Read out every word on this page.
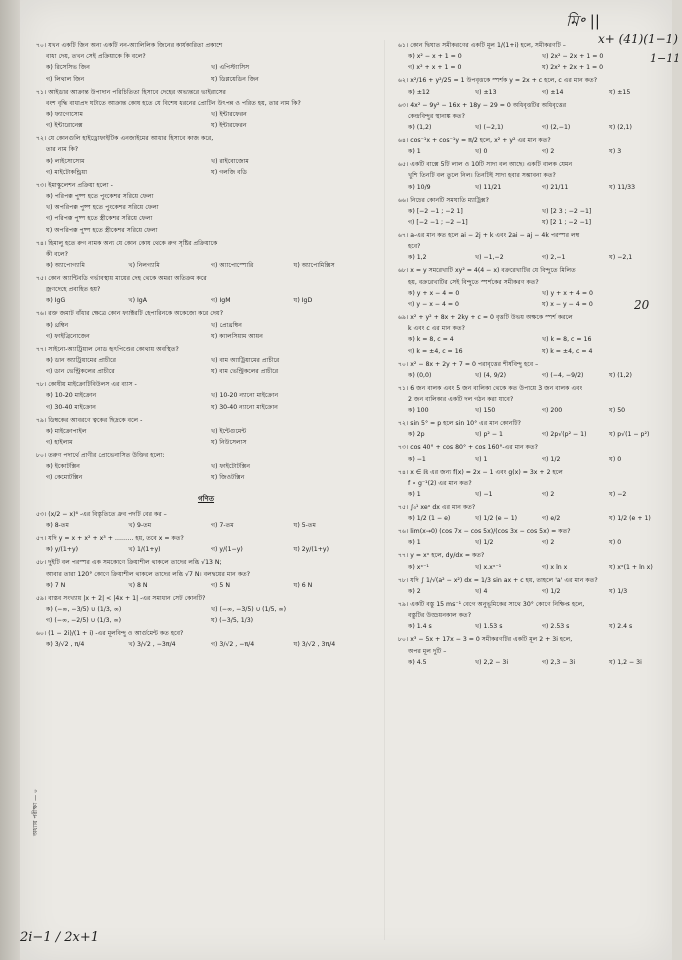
মি॰ ||
x+ (41)(1−1)
1−11
20
2i−1 / 2x+1
অধ্যায় পরীক্ষা — ০
৭০। যখন একটি জিন অন্য একটি নন-অ্যালিলিক জিনের কার্যকারিতা প্রকাশে
বাধা দেয়, তখন সেই প্রক্রিয়াকে কি বলে?
ক) রিসেসিভ জিন	খ) এপিস্ট্যাসিস
গ) লিথাল জিন	ঘ) ডিপ্লয়েডিন জিন
৭১। আইডার আক্রান্ত উপাদান পরিচিতিতা হিসাবে দেহের অভ্যন্তরে ভাইরাসের
বংশ বৃদ্ধি বাধাপ্রদ ঘটাতে আক্রান্ত কোষ হতে যে বিশেষ ধরনের প্রোটিন উৎপন্ন ও পরিত হয়, তার নাম কি?
ক) ফ্যাগোসোম	খ) ইন্টারফেরন
গ) ইন্টারোনেক্স	ঘ) ইন্টারফেরন
৭২। যে কোনগুলি হাইড্রোফাইটিক এনজাইমের আধার হিসাবে কাজ করে,
তার নাম কি?
ক) লাইসোসোম	খ) রাইবোজোম
গ) মাইটোকন্ড্রিয়া	ঘ) গলজি বডি
৭৩। ইমাস্কুলেশন প্রক্রিয়া হলো -
ক) পরিপক্ক পুষ্প হতে পুংকেশর সরিয়ে ফেলা
খ) অপরিপক্ক পুষ্প হতে পুংকেশর সরিয়ে ফেলা
গ) পরিপক্ক পুষ্প হতে স্ত্রীকেশর সরিয়ে ফেলা
ঘ) অপরিপক্ক পুষ্প হতে স্ত্রীকেশর সরিয়ে ফেলা
৭৪। হিমালু হতে রুগ নামক অন্য যে কোন কোষ থেকে রুগ সৃষ্টির প্রক্রিয়াকে
কী বলে?
ক) অ্যাপোগ্যামি	খ) নিলগ্যামি	গ) অ্যাপোস্পোরি	ঘ) অ্যাপোমিক্সিস
৭৫। কোন অ্যান্টিবডি গর্ভাবস্থায় মায়ের দেহ থেকে অমরা অতিক্রম করে
জ্রণদেহে প্রবাহিত হয়?
ক) IgG	খ) IgA	গ) IgM	ঘ) IgD
৭৬। রক্ত জমাট বাঁধার ক্ষেত্রে কোন ফ্যাক্টরটি হেপারিনকে অকেজো করে দেয়?
ক) থ্রম্বিন	খ) প্রোথ্রম্বিন
গ) ফাইব্রিনোজেন	ঘ) ক্যালসিয়াম আয়ন
৭৭। সাইনো-অ্যাট্রিয়াল নোড হৃৎপিণ্ডের কোথায় অবস্থিত?
ক) ডান অ্যাট্রিয়ামের প্রাচীরে	খ) বাম অ্যাট্রিয়ামের প্রাচীরে
গ) ডান ভেন্ট্রিকলের প্রাচীরে	ঘ) বাম ভেন্ট্রিকলের প্রাচীরে
৭৮। কোষীয় মাইক্রোটিবিউলস এর ব্যাস -
ক) 10-20 মাইক্রোন	খ) 10-20 ন্যানো মাইক্রোন
গ) 30-40 মাইক্রোন	ঘ) 30-40 ন্যানো মাইক্রোন
৭৯। ডিম্বকের আবরণে ত্বকের ছিদ্রকে বলে -
ক) মাইক্রোপাইল	খ) ইন্টেগুমেন্ট
গ) হাইলাম	ঘ) নিউসেলাস
৮০। তরুণ পদার্থে প্রাণীর প্রোভেনাসিত উক্তির হলো:
ক) ইকোটক্সিন	খ) ফাইটোটক্সিন
গ) কেমোটক্সিন	ঘ) জিওটক্সিন
গণিত
৫৩। (x/2 − x)⁶ -এর বিস্তৃতিতে ধ্রুব পদটি বের কর –
ক) 8-তম	খ) 9-তম	গ) 7-তম	ঘ) 5-তম
৫৭। যদি y = x + x² + x³ + ……… হয়, তবে x = কত?
ক) y/(1+y)	খ) 1/(1+y)	গ) y/(1−y)	ঘ) 2y/(1+y)
৫৮। দুইটি বল পরস্পর এক সমকোণে ক্রিয়াশীল থাকলে তাদের লব্ধি √13 N;
আবার তারা 120° কোণে ক্রিয়াশীল থাকলে তাদের লব্ধি √7 N। বলদ্বয়ের মান কত?
ক) 7 N	খ) 8 N	গ) 5 N	ঘ) 6 N
৫৯। বাস্তব সংখ্যায় |x + 2| < |4x + 1| -এর সমাধান সেট কোনটি?
ক) (−∞, −3/5) ∪ (1/3, ∞)	খ) (−∞, −3/5) ∪ (1/5, ∞)
গ) (−∞, −2/5) ∪ (1/3, ∞)	ঘ) (−3/5, 1/3)
৬০। (1 − 2i)/(1 + i) -এর মূলবিন্দু ও আর্গুমেন্ট কত হবে?
ক) 3/√2 , π/4	খ) 3/√2 , −3π/4	গ) 3/√2 , −π/4	ঘ) 3/√2 , 3π/4
৬১। কোন দ্বিঘাত সমীকরণের একটি মূল 1/(1+i) হলে, সমীকরণটি –
ক) x² − x + 1 = 0	খ) 2x² − 2x + 1 = 0
গ) x² + x + 1 = 0	ঘ) 2x² + 2x + 1 = 0
৬২। x²/16 + y²/25 = 1 উপবৃত্তকে স্পর্শক y = 2x + c হলে, c এর মান কত?
ক) ±12	খ) ±13	গ) ±14	ঘ) ±15
৬৩। 4x² − 9y² − 16x + 18y − 29 = 0 অধিবৃত্তটির অধিবৃত্তের
কেন্দ্রবিন্দুর স্থানাঙ্ক কত?
ক) (1,2)	খ) (−2,1)	গ) (2,−1)	ঘ) (2,1)
৬৪। cos⁻¹x + cos⁻¹y = π/2 হলে, x² + y² এর মান কত?
ক) 1	খ) 0	গ) 2	ঘ) 3
৬৫। একটি বাক্সে 5টি লাল ও 10টি সাদা বল আছে। একটি বালক যেমন
খুশি তিনটি বল তুলে নিল। তিনটিই সাদা হবার সম্ভাবনা কত?
ক) 10/9	খ) 11/21	গ) 21/11	ঘ) 11/33
৬৬। নিচের কোনটি সমঘাতি ম্যাট্রিক্স?
ক) [−2 −1 ; −2 1]	খ) [2 3 ; −2 −1]
গ) [−2 −1 ; −2 −1]	ঘ) [2 1 ; −2 −1]
৬৭। a-এর মান কত হলে ai − 2j + k এবং 2ai − aj − 4k পরস্পর লম্ব
হবে?
ক) 1,2	খ) −1,−2	গ) 2,−1	ঘ) −2,1
৬৮। x = y সমরেখাটি xy² = 4(4 − x) বক্ররেখাটির যে বিন্দুতে মিলিত
হয়, বক্ররেখাটির সেই বিন্দুতে স্পর্শকের সমীকরণ কত?
ক) y + x − 4 = 0	খ) y + x + 4 = 0
গ) y − x − 4 = 0	ঘ) x − y − 4 = 0
৬৯। x² + y² + 8x + 2ky + c = 0 বৃত্তটি উভয় অক্ষকে স্পর্শ করলে
k এবং c এর মান কত?
ক) k = 8, c = 4	খ) k = 8, c = 16
গ) k = ±4, c = 16	ঘ) k = ±4, c = 4
৭০। x² − 8x + 2y + 7 = 0 পরাবৃত্তের শীর্ষবিন্দু হবে –
ক) (0,0)	খ) (4, 9/2)	গ) (−4, −9/2)	ঘ) (1,2)
৭১। 6 জন বালক এবং 5 জন বালিকা থেকে কত উপায়ে 3 জন বালক এবং
2 জন বালিকার একটি দল গঠন করা যাবে?
ক) 100	খ) 150	গ) 200	ঘ) 50
৭২। sin 5° = p হলে sin 10° এর মান কোনটি?
ক) 2p	খ) p² − 1	গ) 2p√(p² − 1)	ঘ) p√(1 − p²)
৭৩। cos 40° + cos 80° + cos 160°-এর মান কত?
ক) −1	খ) 1	গ) 1/2	ঘ) 0
৭৪। x ∈ ℝ এর জন্য f(x) = 2x − 1 এবং g(x) = 3x + 2 হলে
f ∘ g⁻¹(2) এর মান কত?
ক) 1	খ) −1	গ) 2	ঘ) −2
৭৫। ∫₀¹ xeˣ dx এর মান কত?
ক) 1/2 (1 − e)	খ) 1/2 (e − 1)	গ) e/2	ঘ) 1/2 (e + 1)
৭৬। lim(x→0) (cos 7x − cos 5x)/(cos 3x − cos 5x) = কত?
ক) 1	খ) 1/2	গ) 2	ঘ) 0
৭৭। y = xˣ হলে, dy/dx = কত?
ক) xˣ⁻¹	খ) x.xˣ⁻¹	গ) x ln x	ঘ) xˣ(1 + ln x)
৭৮। যদি ∫ 1/√(a² − x²) dx = 1/3 sin ax + c হয়, তাহলে 'a' এর মান কত?
ক) 2	খ) 4	গ) 1/2	ঘ) 1/3
৭৯। একটি বস্তু 15 ms⁻¹ বেগে অনুভূমিকের সাথে 30° কোণে নিক্ষিপ্ত হলে,
বস্তুটির উড্ডয়নকাল কত?
ক) 1.4 s	খ) 1.53 s	গ) 2.53 s	ঘ) 2.4 s
৮০। x³ − 5x + 17x − 3 = 0 সমীকরণটির একটি মূল 2 + 3i হলে,
অপর মূল দুটি –
ক) 4.5	খ) 2,2 − 3i	গ) 2,3 − 3i	ঘ) 1,2 − 3i
